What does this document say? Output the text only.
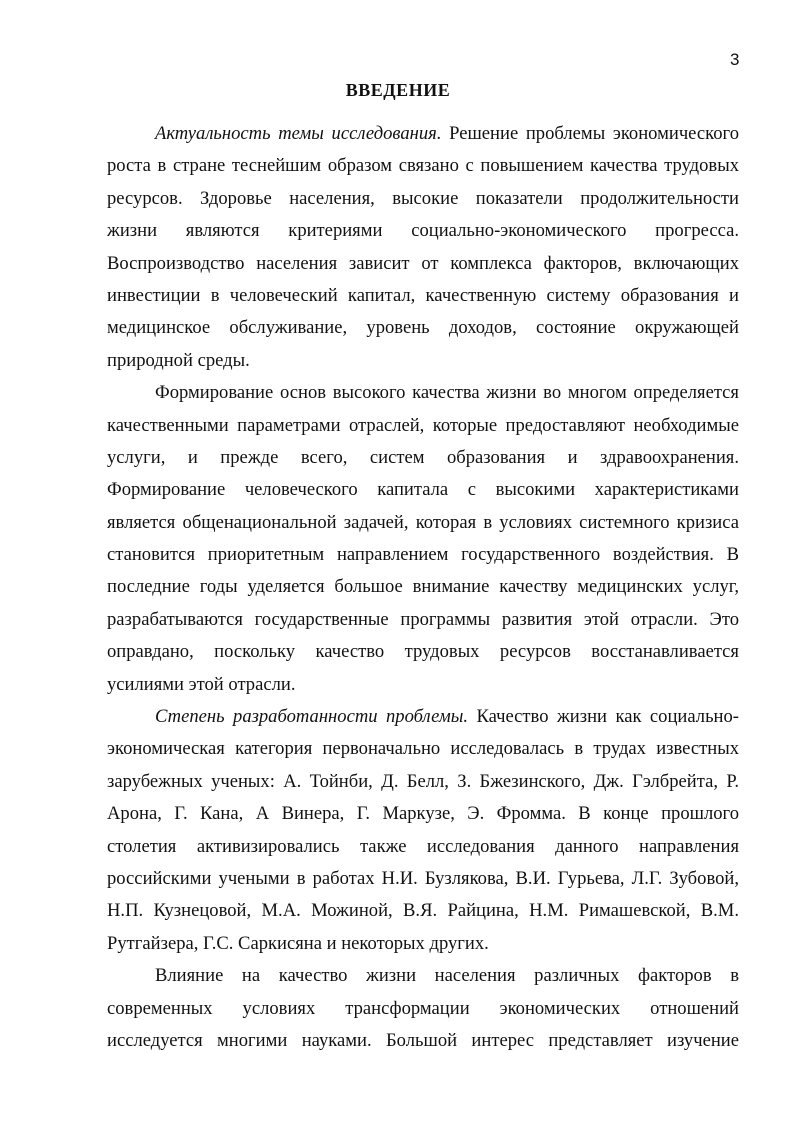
3
ВВЕДЕНИЕ
Актуальность темы исследования. Решение проблемы экономического
роста в стране теснейшим образом связано с повышением качества трудовых
ресурсов. Здоровье населения, высокие показатели продолжительности
жизни являются критериями социально-экономического прогресса.
Воспроизводство населения зависит от комплекса факторов, включающих
инвестиции в человеческий капитал, качественную систему образования и
медицинское обслуживание, уровень доходов, состояние окружающей
природной среды.
Формирование основ высокого качества жизни во многом определяется
качественными параметрами отраслей, которые предоставляют необходимые
услуги, и прежде всего, систем образования и здравоохранения.
Формирование человеческого капитала с высокими характеристиками
является общенациональной задачей, которая в условиях системного кризиса
становится приоритетным направлением государственного воздействия. В
последние годы уделяется большое внимание качеству медицинских услуг,
разрабатываются государственные программы развития этой отрасли. Это
оправдано, поскольку качество трудовых ресурсов восстанавливается
усилиями этой отрасли.
Степень разработанности проблемы. Качество жизни как социально-
экономическая категория первоначально исследовалась в трудах известных
зарубежных ученых: А. Тойнби, Д. Белл, З. Бжезинского, Дж. Гэлбрейта, Р.
Арона, Г. Кана, А Винера, Г. Маркузе, Э. Фромма. В конце прошлого
столетия активизировались также исследования данного направления
российскими учеными в работах Н.И. Бузлякова, В.И. Гурьева, Л.Г. Зубовой,
Н.П. Кузнецовой, М.А. Можиной, В.Я. Райцина, Н.М. Римашевской, В.М.
Рутгайзера, Г.С. Саркисяна и некоторых других.
Влияние на качество жизни населения различных факторов в
современных условиях трансформации экономических отношений
исследуется многими науками. Большой интерес представляет изучение
